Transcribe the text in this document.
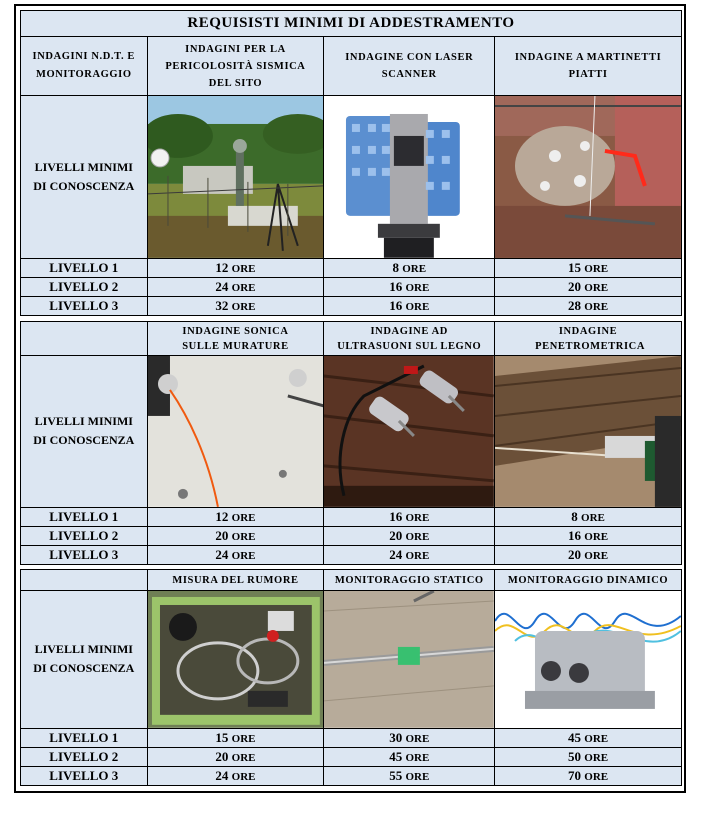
REQUISISTI MINIMI DI ADDESTRAMENTO			
INDAGINI N.D.T. E MONITORAGGIO	INDAGINI PER LA PERICOLOSITÀ SISMICA DEL SITO	INDAGINE CON LASER SCANNER	INDAGINE A MARTINETTI PIATTI
LIVELLI MINIMI DI CONOSCENZA	

LIVELLO 1	12 ORE	8 ORE	15 ORE
LIVELLO 2	24 ORE	16 ORE	20 ORE
LIVELLO 3	32 ORE	16 ORE	28 ORE
	INDAGINE SONICA SULLE MURATURE	INDAGINE AD ULTRASUONI SUL LEGNO	INDAGINE PENETROMETRICA
LIVELLI MINIMI DI CONOSCENZA	

LIVELLO 1	12 ORE	16 ORE	8 ORE
LIVELLO 2	20 ORE	20 ORE	16 ORE
LIVELLO 3	24 ORE	24 ORE	20 ORE
	MISURA DEL RUMORE	MONITORAGGIO STATICO	MONITORAGGIO DINAMICO
LIVELLI MINIMI DI CONOSCENZA	

LIVELLO 1	15 ORE	30 ORE	45 ORE
LIVELLO 2	20 ORE	45 ORE	50 ORE
LIVELLO 3	24 ORE	55 ORE	70 ORE
